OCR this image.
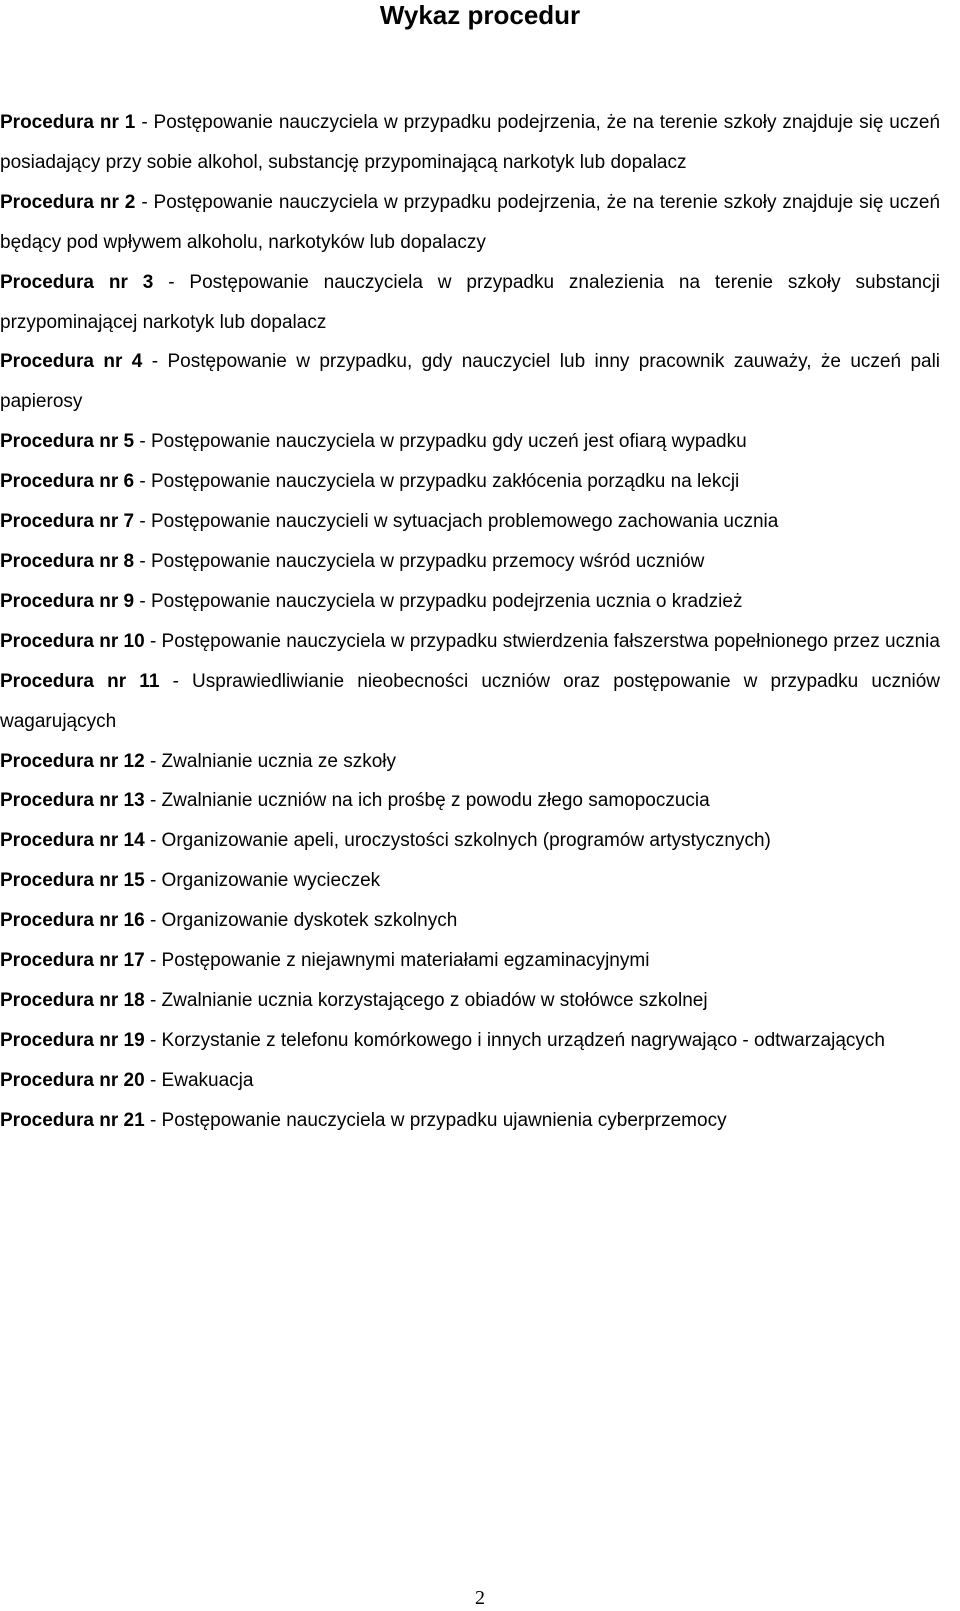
Wykaz procedur
Procedura nr 1 - Postępowanie nauczyciela w przypadku podejrzenia, że na terenie szkoły znajduje się uczeń posiadający przy sobie alkohol, substancję przypominającą narkotyk lub dopalacz
Procedura nr 2 - Postępowanie nauczyciela w przypadku podejrzenia, że na terenie szkoły znajduje się uczeń będący pod wpływem alkoholu, narkotyków lub dopalaczy
Procedura nr 3 - Postępowanie nauczyciela w przypadku znalezienia na terenie szkoły substancji przypominającej narkotyk lub dopalacz
Procedura nr 4 - Postępowanie w przypadku, gdy nauczyciel lub inny pracownik zauważy, że uczeń pali papierosy
Procedura nr 5 - Postępowanie nauczyciela w przypadku gdy uczeń jest ofiarą wypadku
Procedura nr 6 - Postępowanie nauczyciela w przypadku zakłócenia porządku na lekcji
Procedura nr 7 - Postępowanie nauczycieli w sytuacjach problemowego zachowania ucznia
Procedura nr 8 - Postępowanie nauczyciela w przypadku przemocy wśród uczniów
Procedura nr 9 - Postępowanie nauczyciela w przypadku podejrzenia ucznia o kradzież
Procedura nr 10 - Postępowanie nauczyciela w przypadku stwierdzenia fałszerstwa popełnionego przez ucznia
Procedura nr 11 - Usprawiedliwianie nieobecności uczniów oraz postępowanie w przypadku uczniów wagarujących
Procedura nr 12 - Zwalnianie ucznia ze szkoły
Procedura nr 13 - Zwalnianie uczniów na ich prośbę z powodu złego samopoczucia
Procedura nr 14 - Organizowanie apeli, uroczystości szkolnych (programów artystycznych)
Procedura nr 15 - Organizowanie wycieczek
Procedura nr 16 - Organizowanie dyskotek szkolnych
Procedura nr 17 - Postępowanie z niejawnymi materiałami egzaminacyjnymi
Procedura nr 18 - Zwalnianie ucznia korzystającego z obiadów w stołówce szkolnej
Procedura nr 19 - Korzystanie z telefonu komórkowego i innych urządzeń nagrywająco - odtwarzających
Procedura nr 20 - Ewakuacja
Procedura nr 21 - Postępowanie nauczyciela w przypadku ujawnienia cyberprzemocy
2
